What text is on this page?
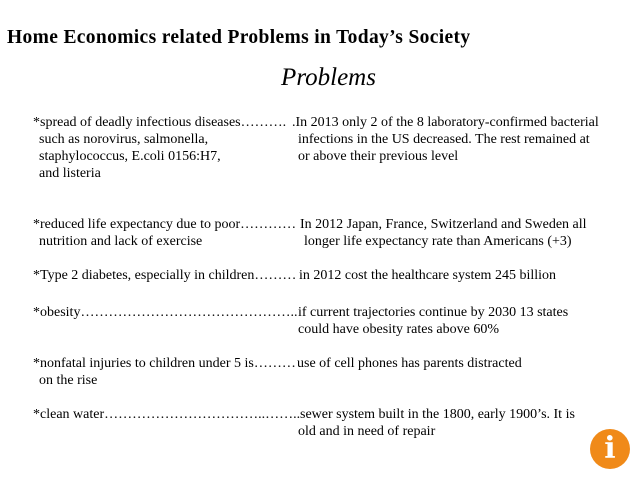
Home Economics related Problems in Today’s Society
Problems
*spread of deadly infectious diseases………. .In 2013 only 2 of the 8 laboratory-confirmed bacterial
such as norovirus, salmonella,	infections in the US decreased. The rest remained at
staphylococcus, E.coli 0156:H7,	or above their previous level
and listeria
*reduced life expectancy due to poor………… In 2012 Japan, France, Switzerland and Sweden all
nutrition and lack of exercise	longer life expectancy rate than Americans (+3)
*Type 2 diabetes, especially in children……… in 2012 cost the healthcare system 245 billion
*obesity……………………………………….. if current trajectories continue by 2030 13 states
could have obesity rates above 60%
*nonfatal injuries to children under 5 is……… use of cell phones has parents distracted
on the rise
*clean water……………………………..…….. sewer system built in the 1800, early 1900’s. It is
old and in need of repair	i
